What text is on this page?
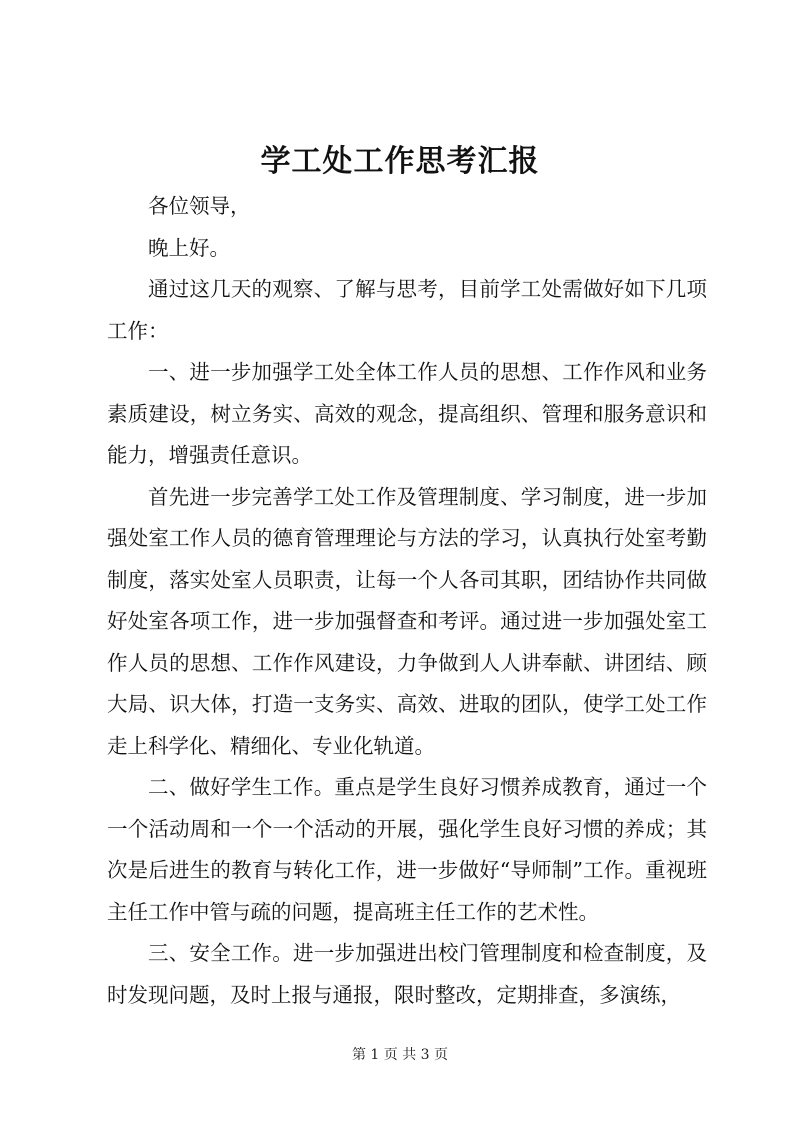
学工处工作思考汇报

各位领导，

晚上好。

通过这几天的观察、了解与思考，目前学工处需做好如下几项工作：

一、进一步加强学工处全体工作人员的思想、工作作风和业务素质建设，树立务实、高效的观念，提高组织、管理和服务意识和能力，增强责任意识。

首先进一步完善学工处工作及管理制度、学习制度，进一步加强处室工作人员的德育管理理论与方法的学习，认真执行处室考勤制度，落实处室人员职责，让每一个人各司其职，团结协作共同做好处室各项工作，进一步加强督查和考评。通过进一步加强处室工作人员的思想、工作作风建设，力争做到人人讲奉献、讲团结、顾大局、识大体，打造一支务实、高效、进取的团队，使学工处工作走上科学化、精细化、专业化轨道。

二、做好学生工作。重点是学生良好习惯养成教育，通过一个一个活动周和一个一个活动的开展，强化学生良好习惯的养成；其次是后进生的教育与转化工作，进一步做好“导师制”工作。重视班主任工作中管与疏的问题，提高班主任工作的艺术性。

三、安全工作。进一步加强进出校门管理制度和检查制度，及时发现问题，及时上报与通报，限时整改，定期排查，多演练，

第 1 页 共 3 页
